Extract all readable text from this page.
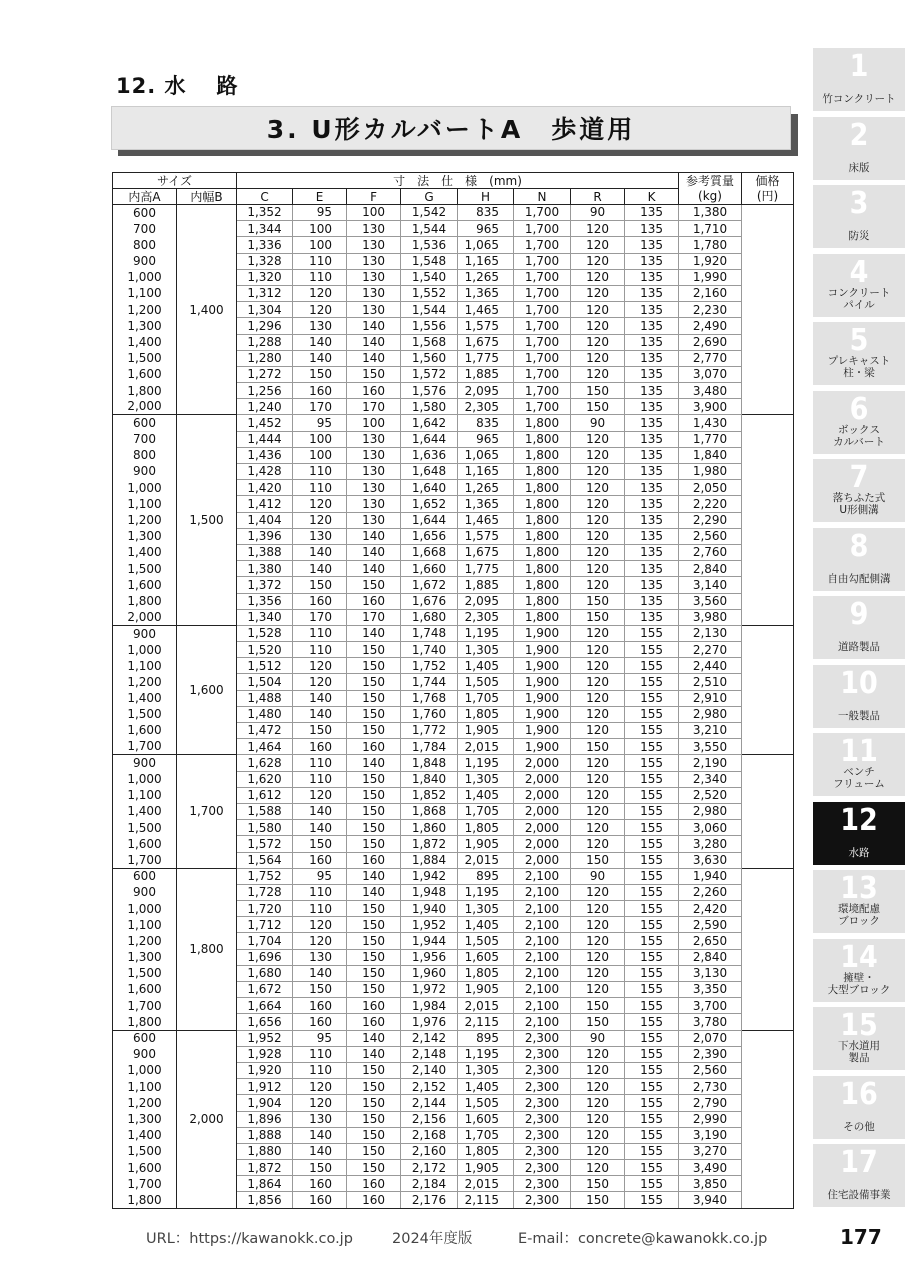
12. 水 路
3. U形カルバートA　歩道用
サイズ		寸　法　仕　様　(mm)								参考質量	価格
内高A	内幅B	C	E	F	G	H	N	R	K	(kg)	(円)
600	1,400	1,352	95	100	1,542	835	1,700	90	135	1,380	
700		1,344	100	130	1,544	965	1,700	120	135	1,710	
800		1,336	100	130	1,536	1,065	1,700	120	135	1,780	
900		1,328	110	130	1,548	1,165	1,700	120	135	1,920	
1,000		1,320	110	130	1,540	1,265	1,700	120	135	1,990	
1,100		1,312	120	130	1,552	1,365	1,700	120	135	2,160	
1,200		1,304	120	130	1,544	1,465	1,700	120	135	2,230	
1,300		1,296	130	140	1,556	1,575	1,700	120	135	2,490	
1,400		1,288	140	140	1,568	1,675	1,700	120	135	2,690	
1,500		1,280	140	140	1,560	1,775	1,700	120	135	2,770	
1,600		1,272	150	150	1,572	1,885	1,700	120	135	3,070	
1,800		1,256	160	160	1,576	2,095	1,700	150	135	3,480	
2,000		1,240	170	170	1,580	2,305	1,700	150	135	3,900	
600	1,500	1,452	95	100	1,642	835	1,800	90	135	1,430	
700		1,444	100	130	1,644	965	1,800	120	135	1,770	
800		1,436	100	130	1,636	1,065	1,800	120	135	1,840	
900		1,428	110	130	1,648	1,165	1,800	120	135	1,980	
1,000		1,420	110	130	1,640	1,265	1,800	120	135	2,050	
1,100		1,412	120	130	1,652	1,365	1,800	120	135	2,220	
1,200		1,404	120	130	1,644	1,465	1,800	120	135	2,290	
1,300		1,396	130	140	1,656	1,575	1,800	120	135	2,560	
1,400		1,388	140	140	1,668	1,675	1,800	120	135	2,760	
1,500		1,380	140	140	1,660	1,775	1,800	120	135	2,840	
1,600		1,372	150	150	1,672	1,885	1,800	120	135	3,140	
1,800		1,356	160	160	1,676	2,095	1,800	150	135	3,560	
2,000		1,340	170	170	1,680	2,305	1,800	150	135	3,980	
900	1,600	1,528	110	140	1,748	1,195	1,900	120	155	2,130	
1,000		1,520	110	150	1,740	1,305	1,900	120	155	2,270	
1,100		1,512	120	150	1,752	1,405	1,900	120	155	2,440	
1,200		1,504	120	150	1,744	1,505	1,900	120	155	2,510	
1,400		1,488	140	150	1,768	1,705	1,900	120	155	2,910	
1,500		1,480	140	150	1,760	1,805	1,900	120	155	2,980	
1,600		1,472	150	150	1,772	1,905	1,900	120	155	3,210	
1,700		1,464	160	160	1,784	2,015	1,900	150	155	3,550	
900	1,700	1,628	110	140	1,848	1,195	2,000	120	155	2,190	
1,000		1,620	110	150	1,840	1,305	2,000	120	155	2,340	
1,100		1,612	120	150	1,852	1,405	2,000	120	155	2,520	
1,400		1,588	140	150	1,868	1,705	2,000	120	155	2,980	
1,500		1,580	140	150	1,860	1,805	2,000	120	155	3,060	
1,600		1,572	150	150	1,872	1,905	2,000	120	155	3,280	
1,700		1,564	160	160	1,884	2,015	2,000	150	155	3,630	
600	1,800	1,752	95	140	1,942	895	2,100	90	155	1,940	
900		1,728	110	140	1,948	1,195	2,100	120	155	2,260	
1,000		1,720	110	150	1,940	1,305	2,100	120	155	2,420	
1,100		1,712	120	150	1,952	1,405	2,100	120	155	2,590	
1,200		1,704	120	150	1,944	1,505	2,100	120	155	2,650	
1,300		1,696	130	150	1,956	1,605	2,100	120	155	2,840	
1,500		1,680	140	150	1,960	1,805	2,100	120	155	3,130	
1,600		1,672	150	150	1,972	1,905	2,100	120	155	3,350	
1,700		1,664	160	160	1,984	2,015	2,100	150	155	3,700	
1,800		1,656	160	160	1,976	2,115	2,100	150	155	3,780	
600	2,000	1,952	95	140	2,142	895	2,300	90	155	2,070	
900		1,928	110	140	2,148	1,195	2,300	120	155	2,390	
1,000		1,920	110	150	2,140	1,305	2,300	120	155	2,560	
1,100		1,912	120	150	2,152	1,405	2,300	120	155	2,730	
1,200		1,904	120	150	2,144	1,505	2,300	120	155	2,790	
1,300		1,896	130	150	2,156	1,605	2,300	120	155	2,990	
1,400		1,888	140	150	2,168	1,705	2,300	120	155	3,190	
1,500		1,880	140	150	2,160	1,805	2,300	120	155	3,270	
1,600		1,872	150	150	2,172	1,905	2,300	120	155	3,490	
1,700		1,864	160	160	2,184	2,015	2,300	150	155	3,850	
1,800		1,856	160	160	2,176	2,115	2,300	150	155	3,940	
1
竹コンクリート
2
床版
3
防災
4
コンクリート
パイル
5
プレキャスト
柱・梁
6
ボックス
カルバート
7
落ちふた式
U形側溝
8
自由勾配側溝
9
道路製品
10
一般製品
11
ベンチ
フリューム
12
水路
13
環境配慮
ブロック
14
擁壁・
大型ブロック
15
下水道用
製品
16
その他
17
住宅設備事業
URL：https://kawanokk.co.jp	2024年度版	E-mail：concrete@kawanokk.co.jp	177
